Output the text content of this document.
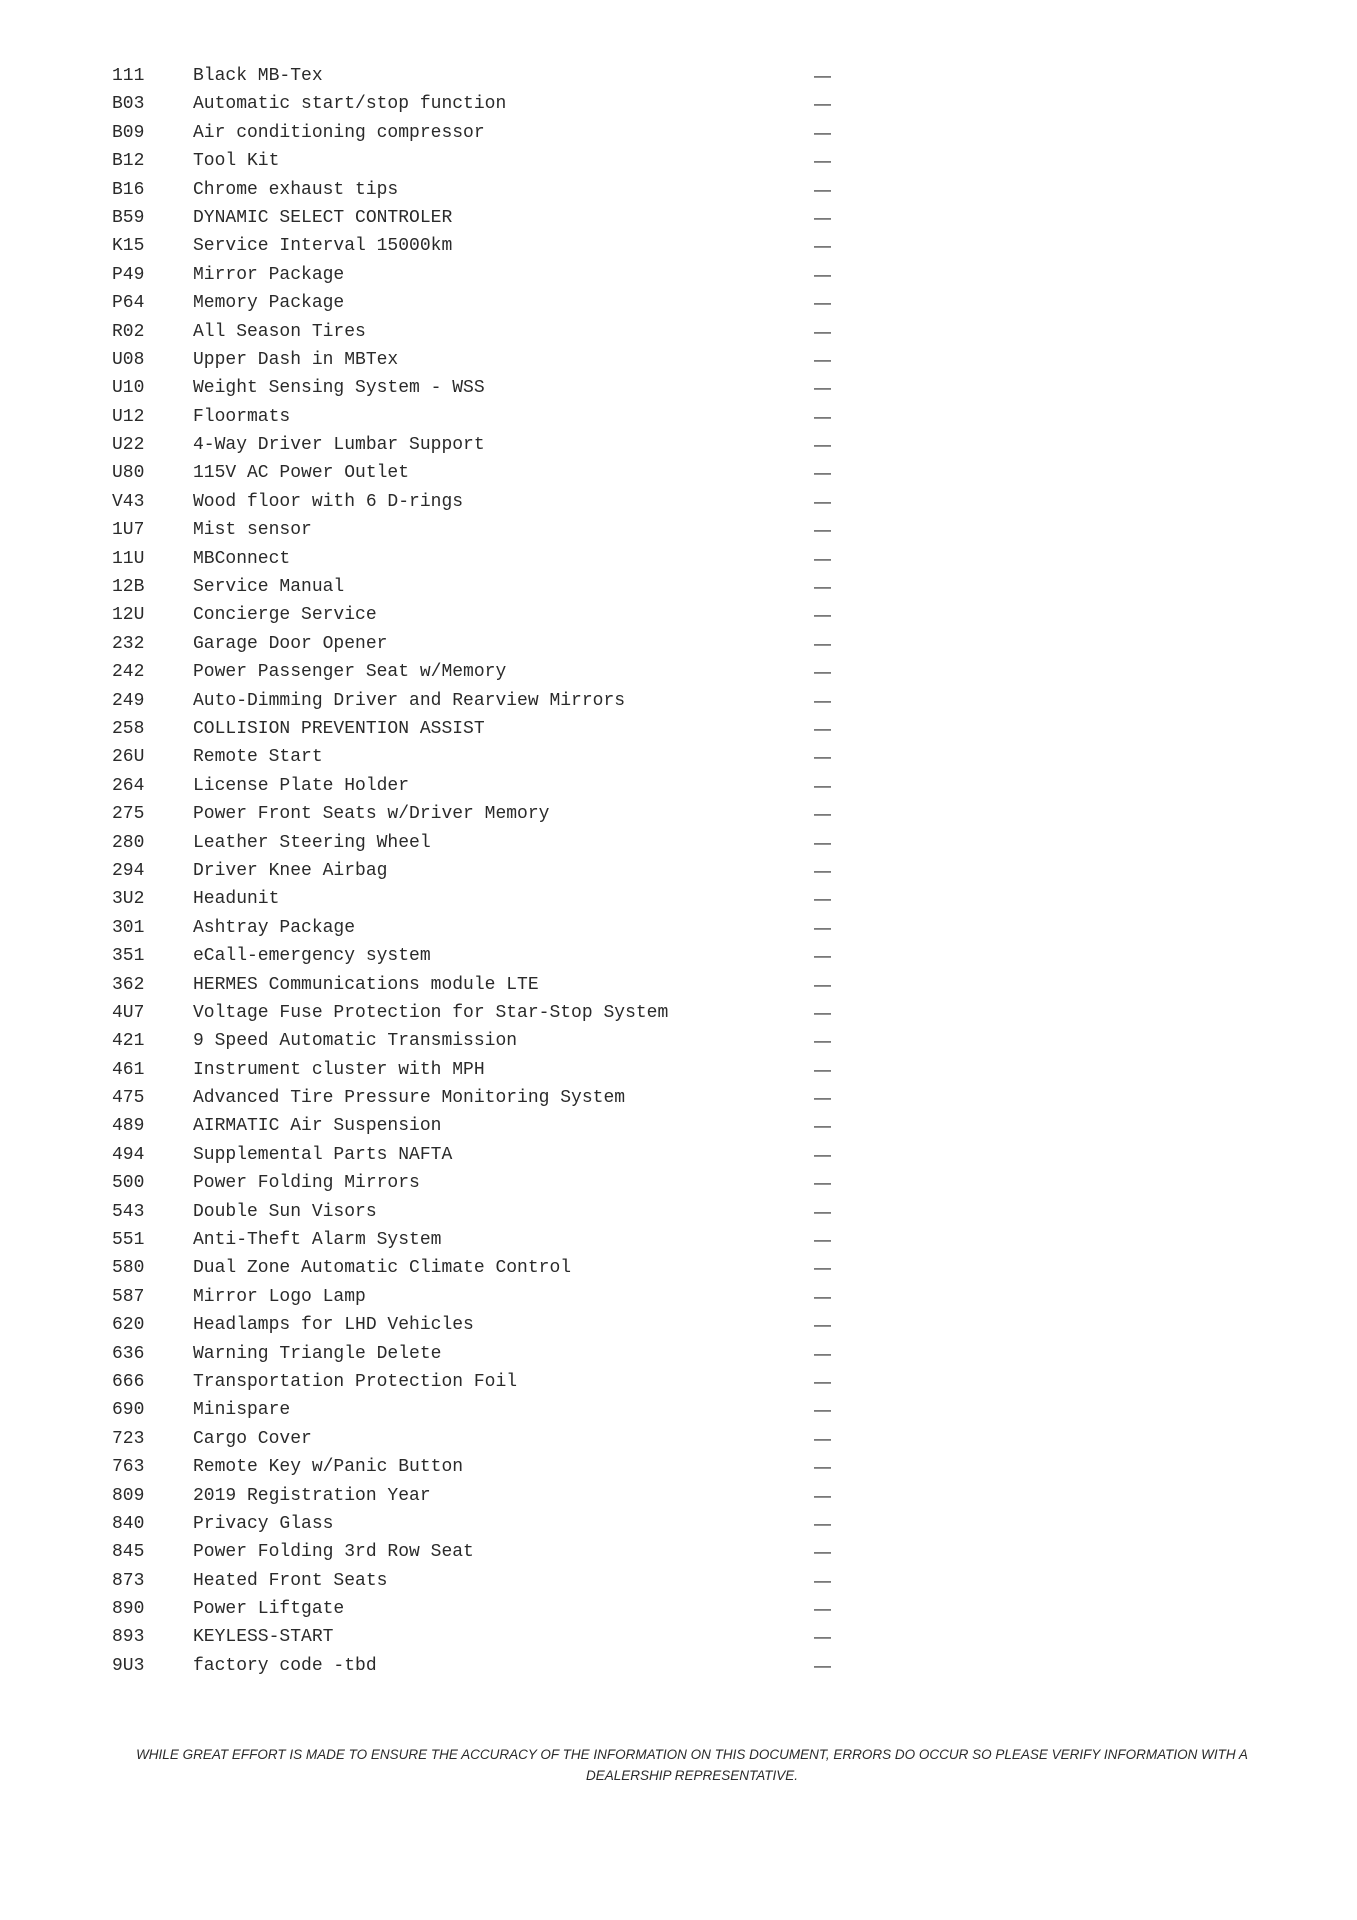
111	Black MB-Tex	—
B03	Automatic start/stop function	—
B09	Air conditioning compressor	—
B12	Tool Kit	—
B16	Chrome exhaust tips	—
B59	DYNAMIC SELECT CONTROLER	—
K15	Service Interval 15000km	—
P49	Mirror Package	—
P64	Memory Package	—
R02	All Season Tires	—
U08	Upper Dash in MBTex	—
U10	Weight Sensing System - WSS	—
U12	Floormats	—
U22	4-Way Driver Lumbar Support	—
U80	115V AC Power Outlet	—
V43	Wood floor with 6 D-rings	—
1U7	Mist sensor	—
11U	MBConnect	—
12B	Service Manual	—
12U	Concierge Service	—
232	Garage Door Opener	—
242	Power Passenger Seat w/Memory	—
249	Auto-Dimming Driver and Rearview Mirrors	—
258	COLLISION PREVENTION ASSIST	—
26U	Remote Start	—
264	License Plate Holder	—
275	Power Front Seats w/Driver Memory	—
280	Leather Steering Wheel	—
294	Driver Knee Airbag	—
3U2	Headunit	—
301	Ashtray Package	—
351	eCall-emergency system	—
362	HERMES Communications module LTE	—
4U7	Voltage Fuse Protection for Star-Stop System	—
421	9 Speed Automatic Transmission	—
461	Instrument cluster with MPH	—
475	Advanced Tire Pressure Monitoring System	—
489	AIRMATIC Air Suspension	—
494	Supplemental Parts NAFTA	—
500	Power Folding Mirrors	—
543	Double Sun Visors	—
551	Anti-Theft Alarm System	—
580	Dual Zone Automatic Climate Control	—
587	Mirror Logo Lamp	—
620	Headlamps for LHD Vehicles	—
636	Warning Triangle Delete	—
666	Transportation Protection Foil	—
690	Minispare	—
723	Cargo Cover	—
763	Remote Key w/Panic Button	—
809	2019 Registration Year	—
840	Privacy Glass	—
845	Power Folding 3rd Row Seat	—
873	Heated Front Seats	—
890	Power Liftgate	—
893	KEYLESS-START	—
9U3	factory code -tbd	—

WHILE GREAT EFFORT IS MADE TO ENSURE THE ACCURACY OF THE INFORMATION ON THIS DOCUMENT, ERRORS DO OCCUR SO PLEASE VERIFY INFORMATION WITH A DEALERSHIP REPRESENTATIVE.
